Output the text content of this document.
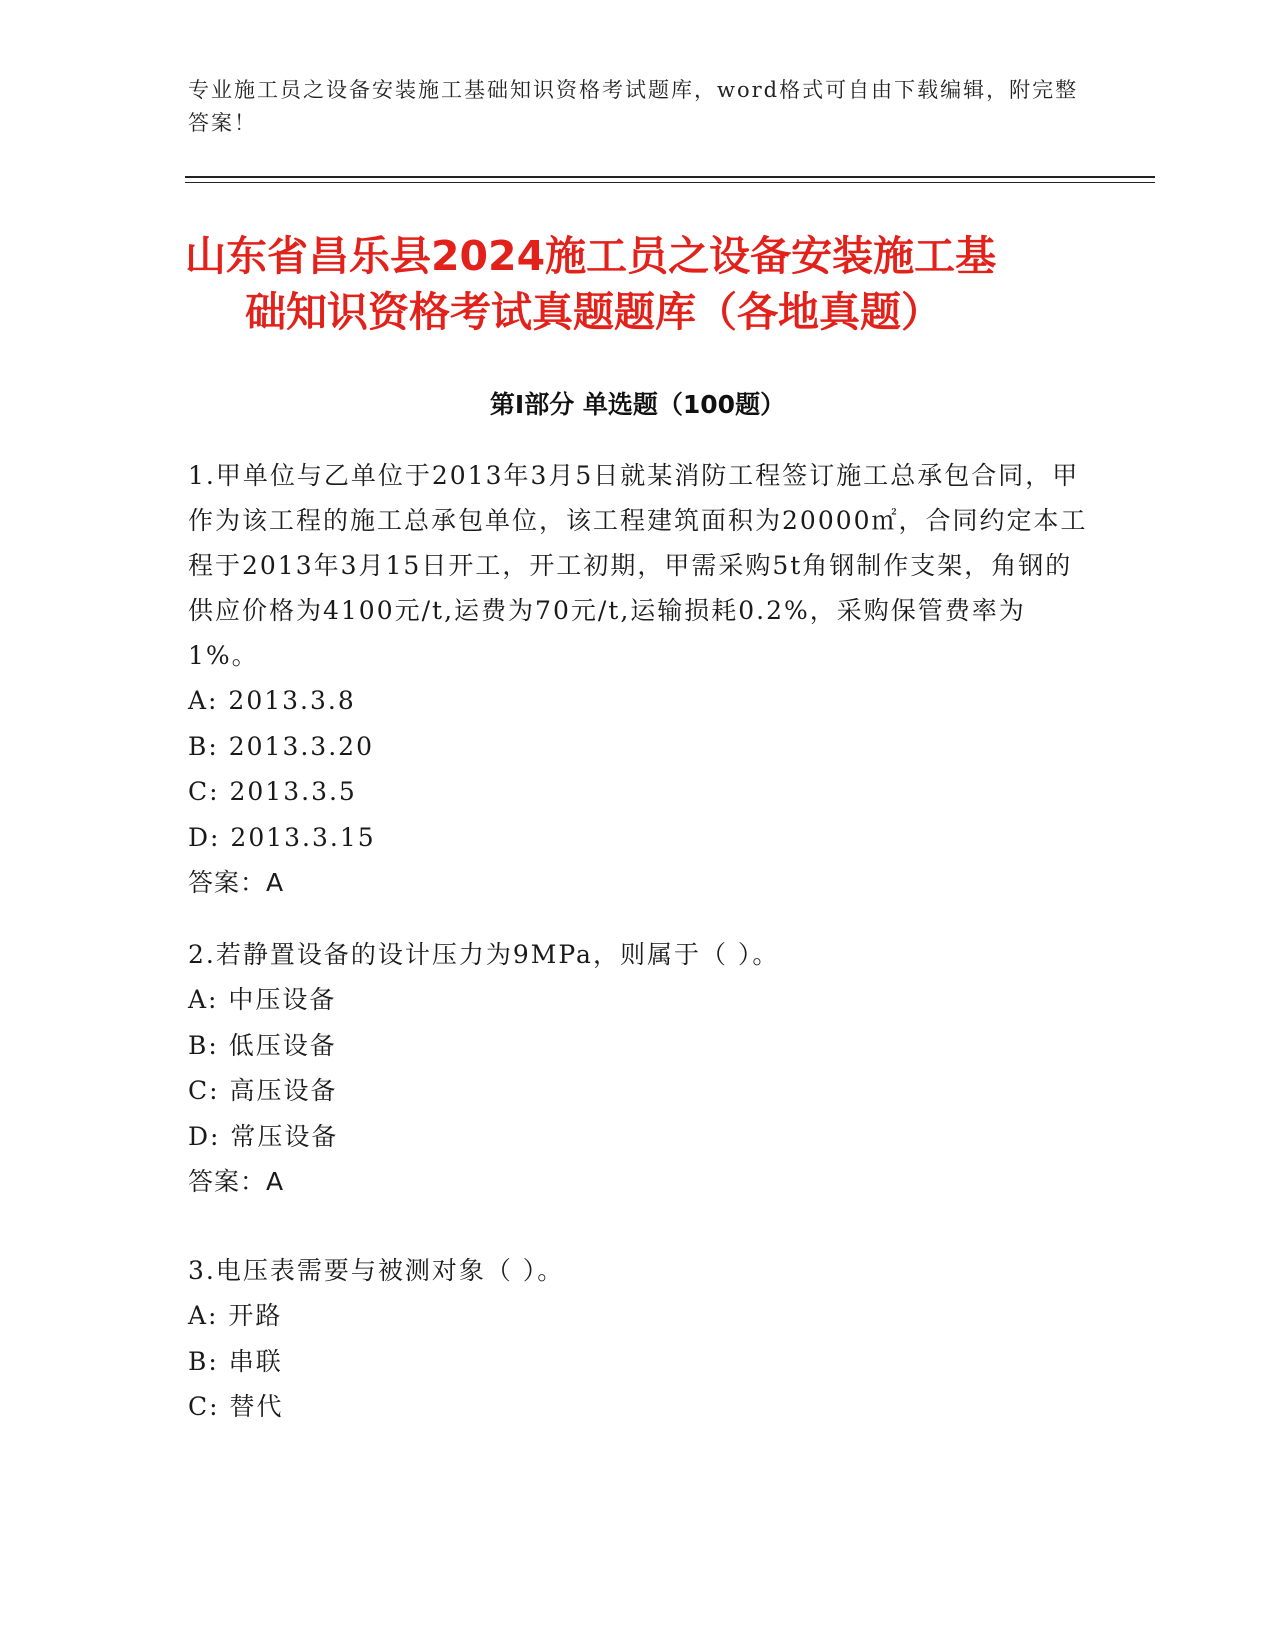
专业施工员之设备安装施工基础知识资格考试题库，word格式可自由下载编辑，附完整答案！
山东省昌乐县2024施工员之设备安装施工基
础知识资格考试真题题库（各地真题）
第Ⅰ部分 单选题（100题）

1.甲单位与乙单位于2013年3月5日就某消防工程签订施工总承包合同，甲作为该工程的施工总承包单位，该工程建筑面积为20000㎡，合同约定本工程于2013年3月15日开工，开工初期，甲需采购5t角钢制作支架，角钢的供应价格为4100元/t,运费为70元/t,运输损耗0.2%，采购保管费率为1%。

A: 2013.3.8

B: 2013.3.20

C: 2013.3.5

D: 2013.3.15

答案：A

2.若静置设备的设计压力为9MPa，则属于（ ）。

A: 中压设备

B: 低压设备

C: 高压设备

D: 常压设备

答案：A

3.电压表需要与被测对象（ ）。

A: 开路

B: 串联

C: 替代
